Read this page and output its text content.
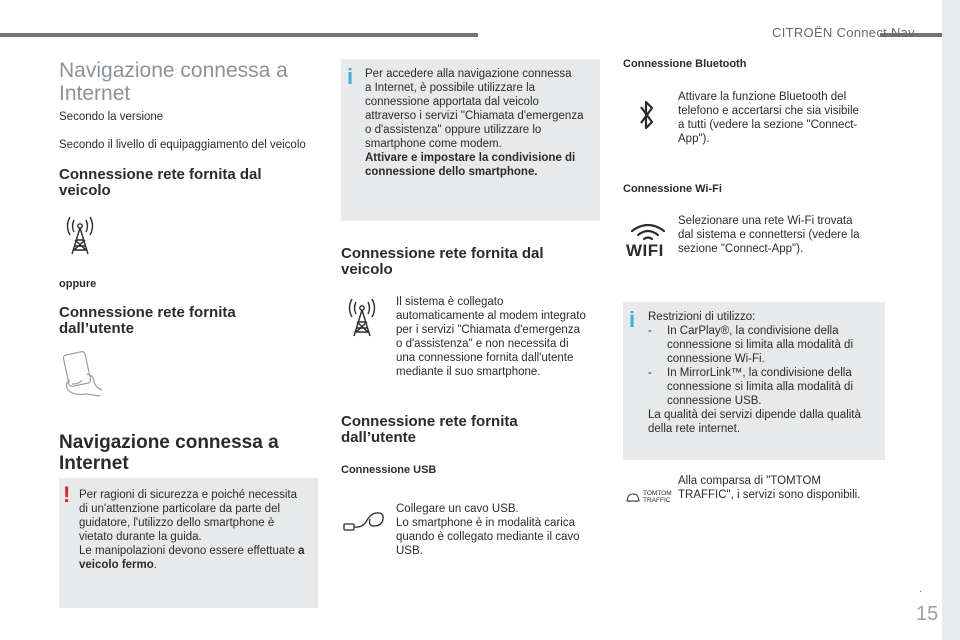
CITROËN Connect Nav
.
15
Navigazione connessa a
Internet
Secondo la versione
Secondo il livello di equipaggiamento del veicolo
Connessione rete fornita dal
veicolo
oppure
Connessione rete fornita
dall’utente
Navigazione connessa a
Internet
! Per ragioni di sicurezza e poiché necessita
di un'attenzione particolare da parte del
guidatore, l'utilizzo dello smartphone è
vietato durante la guida.
Le manipolazioni devono essere effettuate a
veicolo fermo.
i Per accedere alla navigazione connessa
a Internet, è possibile utilizzare la
connessione apportata dal veicolo
attraverso i servizi "Chiamata d'emergenza
o d'assistenza" oppure utilizzare lo
smartphone come modem.
Attivare e impostare la condivisione di
connessione dello smartphone.
Connessione rete fornita dal
veicolo
Il sistema è collegato
automaticamente al modem integrato
per i servizi "Chiamata d'emergenza
o d'assistenza" e non necessita di
una connessione fornita dall'utente
mediante il suo smartphone.
Connessione rete fornita
dall’utente
Connessione USB
Collegare un cavo USB.
Lo smartphone è in modalità carica
quando è collegato mediante il cavo
USB.
Connessione Bluetooth
Attivare la funzione Bluetooth del
telefono e accertarsi che sia visibile
a tutti (vedere la sezione "Connect-
App").
Connessione Wi-Fi
WIFI
Selezionare una rete Wi-Fi trovata
dal sistema e connettersi (vedere la
sezione "Connect-App").
i Restrizioni di utilizzo:
-	In CarPlay®, la condivisione della
connessione si limita alla modalità di
connessione Wi-Fi.
-	In MirrorLink™, la condivisione della
connessione si limita alla modalità di
connessione USB.
La qualità dei servizi dipende dalla qualità
della rete internet.
TOMTOM
TRAFFIC
Alla comparsa di "TOMTOM
TRAFFIC", i servizi sono disponibili.
